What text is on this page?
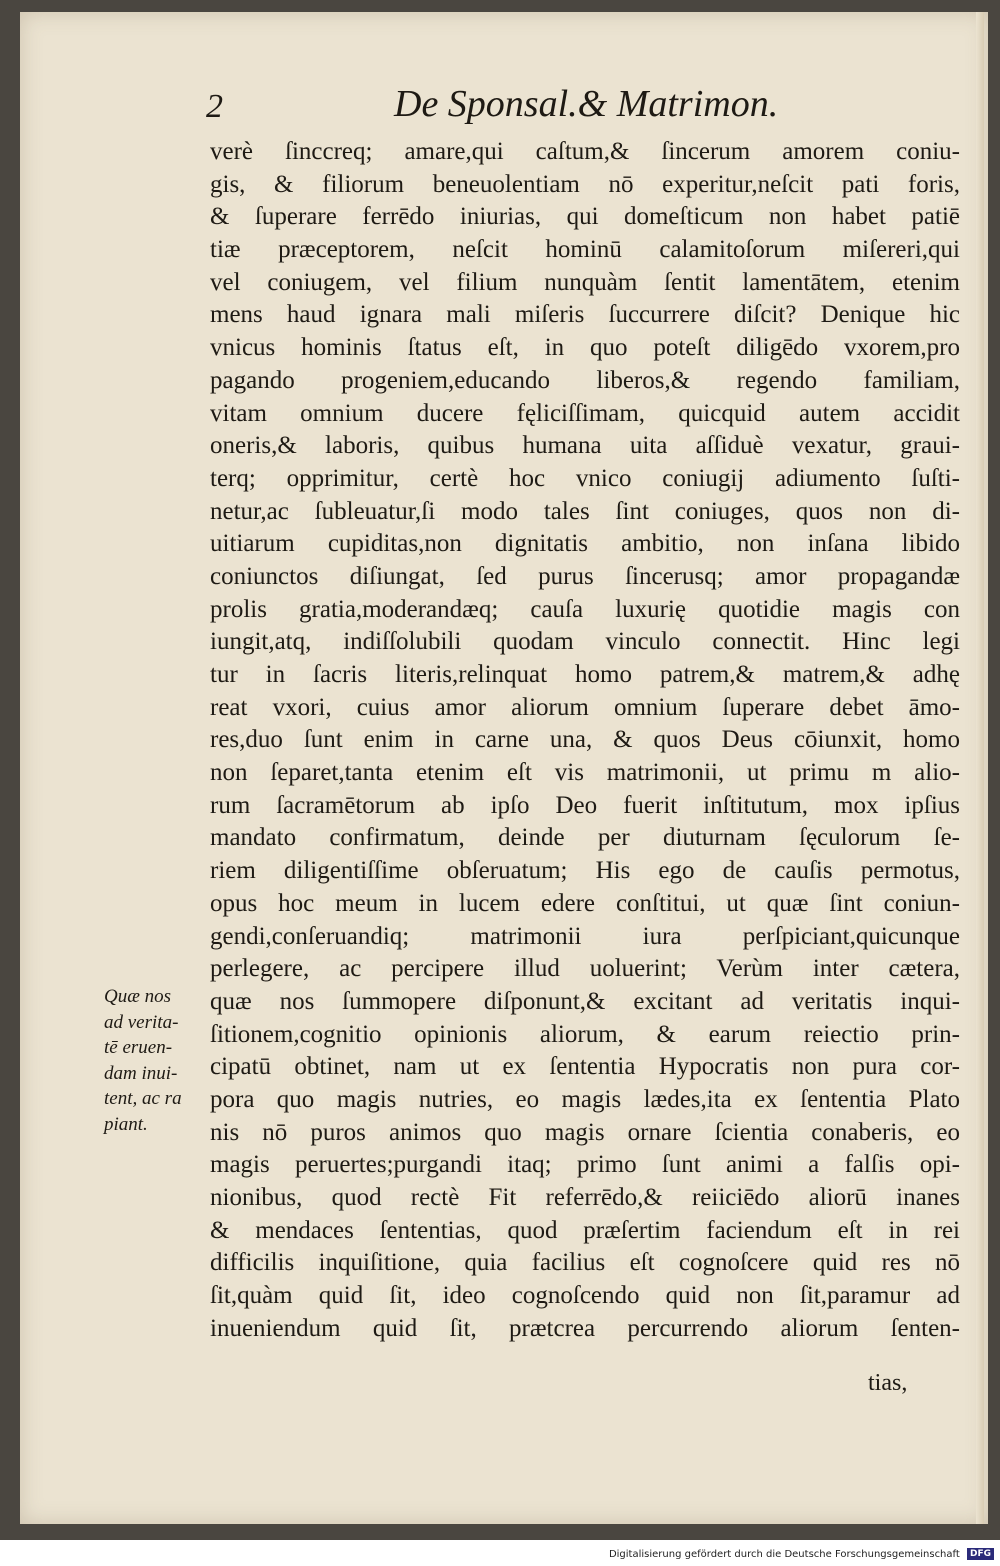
2	De Sponsal.& Matrimon.
verè ſinccreq; amare,qui caſtum,& ſincerum amorem coniu-
gis, & filiorum beneuolentiam nō experitur,neſcit pati foris,
& ſuperare ferrēdo iniurias, qui domeſticum non habet patiē
tiæ præceptorem, neſcit hominū calamitoſorum miſereri,qui
vel coniugem, vel filium nunquàm ſentit lamentātem, etenim
mens haud ignara mali miſeris ſuccurrere diſcit? Denique hic
vnicus hominis ſtatus eſt, in quo poteſt diligēdo vxorem,pro
pagando progeniem,educando liberos,& regendo familiam,
vitam omnium ducere fęliciſſimam, quicquid autem accidit
oneris,& laboris, quibus humana uita aſſiduè vexatur, graui-
terq; opprimitur, certè hoc vnico coniugij adiumento ſuſti-
netur,ac ſubleuatur,ſi modo tales ſint coniuges, quos non di-
uitiarum cupiditas,non dignitatis ambitio, non inſana libido
coniunctos diſiungat, ſed purus ſincerusq; amor propagandæ
prolis gratia,moderandæq; cauſa luxurię quotidie magis con
iungit,atq, indiſſolubili quodam vinculo connectit. Hinc legi
tur in ſacris literis,relinquat homo patrem,& matrem,& adhę
reat vxori, cuius amor aliorum omnium ſuperare debet āmo-
res,duo ſunt enim in carne una, & quos Deus cōiunxit, homo
non ſeparet,tanta etenim eſt vis matrimonii, ut primu m alio-
rum ſacramētorum ab ipſo Deo fuerit inſtitutum, mox ipſius
mandato confirmatum, deinde per diuturnam ſęculorum ſe-
riem diligentiſſime obſeruatum; His ego de cauſis permotus,
opus hoc meum in lucem edere conſtitui, ut quæ ſint coniun-
gendi,conſeruandiq; matrimonii iura perſpiciant,quicunque
perlegere, ac percipere illud uoluerint; Verùm inter cætera,
quæ nos ſummopere diſponunt,& excitant ad veritatis inqui-
ſitionem,cognitio opinionis aliorum, & earum reiectio prin-
cipatū obtinet, nam ut ex ſententia Hypocratis non pura cor-
pora quo magis nutries, eo magis lædes,ita ex ſententia Plato
nis nō puros animos quo magis ornare ſcientia conaberis, eo
magis peruertes;purgandi itaq; primo ſunt animi a falſis opi-
nionibus, quod rectè Fit referrēdo,& reiiciēdo aliorū inanes
& mendaces ſententias, quod præſertim faciendum eſt in rei
difficilis inquiſitione, quia facilius eſt cognoſcere quid res nō
ſit,quàm quid ſit, ideo cognoſcendo quid non ſit,paramur ad
inueniendum quid ſit, prætcrea percurrendo aliorum ſenten-
tias,
Quæ nos
ad verita-
tē eruen-
dam inui-
tent, ac ra
piant.
Digitalisierung gefördert durch die Deutsche Forschungsgemeinschaft DFG
